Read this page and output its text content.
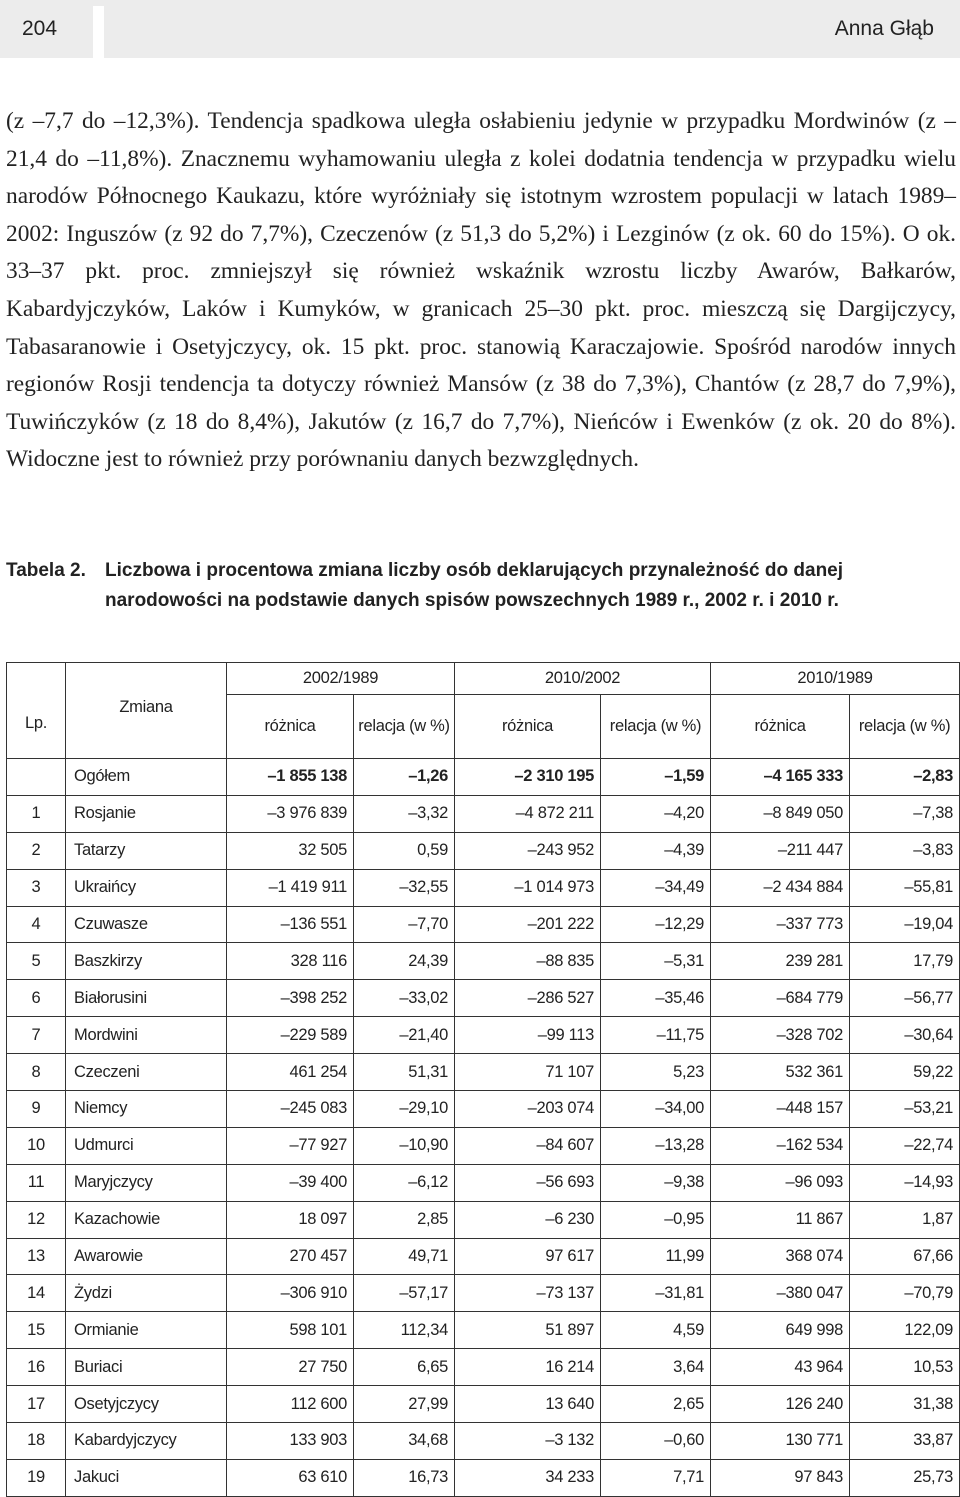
204	Anna Głąb

(z –7,7 do –12,3%). Tendencja spadkowa uległa osłabieniu jedynie w przypadku Mordwinów (z –21,4 do –11,8%). Znacznemu wyhamowaniu uległa z kolei dodatnia tendencja w przypadku wielu narodów Północnego Kaukazu, które wyróżniały się istotnym wzrostem populacji w latach 1989–2002: Inguszów (z 92 do 7,7%), Czeczenów (z 51,3 do 5,2%) i Lezginów (z ok. 60 do 15%). O ok. 33–37 pkt. proc. zmniejszył się również wskaźnik wzrostu liczby Awarów, Bałkarów, Kabardyjczyków, Laków i Kumyków, w granicach 25–30 pkt. proc. mieszczą się Dargijczycy, Tabasaranowie i Osetyjczycy, ok. 15 pkt. proc. stanowią Karaczajowie. Spośród narodów innych regionów Rosji tendencja ta dotyczy również Mansów (z 38 do 7,3%), Chantów (z 28,7 do 7,9%), Tuwińczyków (z 18 do 8,4%), Jakutów (z 16,7 do 7,7%), Nieńców i Ewenków (z ok. 20 do 8%). Widoczne jest to również przy porównaniu danych bezwzględnych.

Tabela 2. Liczbowa i procentowa zmiana liczby osób deklarujących przynależność do danej narodowości na podstawie danych spisów powszechnych 1989 r., 2002 r. i 2010 r.
Lp.	Zmiana	2002/1989		2010/2002		2010/1989	
		różnica	relacja (w %)	różnica	relacja (w %)	różnica	relacja (w %)
	Ogółem	–1 855 138	–1,26	–2 310 195	–1,59	–4 165 333	–2,83
1	Rosjanie	–3 976 839	–3,32	–4 872 211	–4,20	–8 849 050	–7,38
2	Tatarzy	32 505	0,59	–243 952	–4,39	–211 447	–3,83
3	Ukraińcy	–1 419 911	–32,55	–1 014 973	–34,49	–2 434 884	–55,81
4	Czuwasze	–136 551	–7,70	–201 222	–12,29	–337 773	–19,04
5	Baszkirzy	328 116	24,39	–88 835	–5,31	239 281	17,79
6	Białorusini	–398 252	–33,02	–286 527	–35,46	–684 779	–56,77
7	Mordwini	–229 589	–21,40	–99 113	–11,75	–328 702	–30,64
8	Czeczeni	461 254	51,31	71 107	5,23	532 361	59,22
9	Niemcy	–245 083	–29,10	–203 074	–34,00	–448 157	–53,21
10	Udmurci	–77 927	–10,90	–84 607	–13,28	–162 534	–22,74
11	Maryjczycy	–39 400	–6,12	–56 693	–9,38	–96 093	–14,93
12	Kazachowie	18 097	2,85	–6 230	–0,95	11 867	1,87
13	Awarowie	270 457	49,71	97 617	11,99	368 074	67,66
14	Żydzi	–306 910	–57,17	–73 137	–31,81	–380 047	–70,79
15	Ormianie	598 101	112,34	51 897	4,59	649 998	122,09
16	Buriaci	27 750	6,65	16 214	3,64	43 964	10,53
17	Osetyjczycy	112 600	27,99	13 640	2,65	126 240	31,38
18	Kabardyjczycy	133 903	34,68	–3 132	–0,60	130 771	33,87
19	Jakuci	63 610	16,73	34 233	7,71	97 843	25,73
